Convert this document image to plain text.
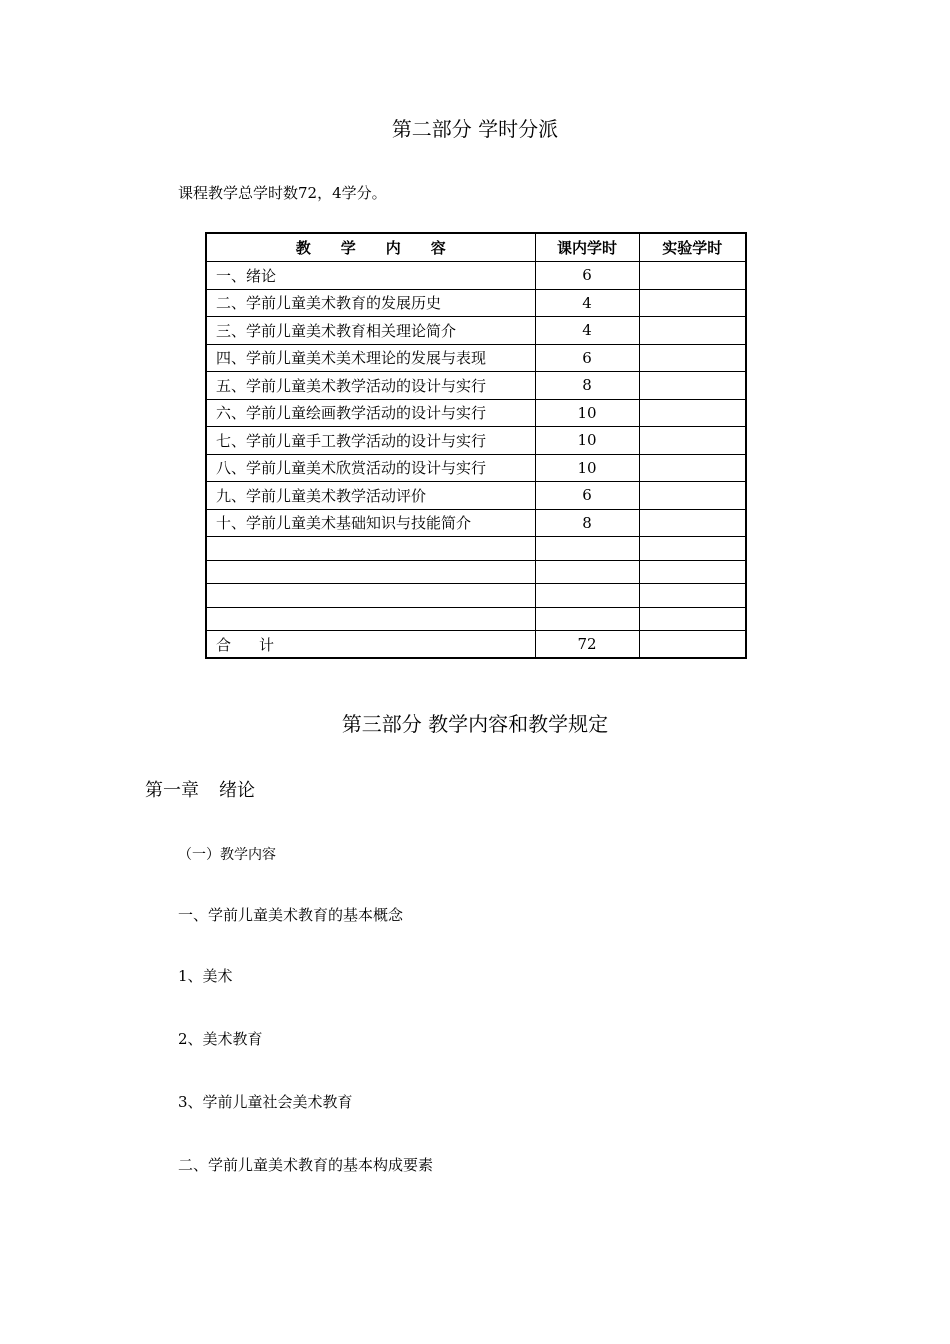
第二部分 学时分派
课程教学总学时数72，4学分。
教 学 内 容	课内学时	实验学时
一、绪论	6	
二、学前儿童美术教育的发展历史	4	
三、学前儿童美术教育相关理论简介	4	
四、学前儿童美术美术理论的发展与表现	6	
五、学前儿童美术教学活动的设计与实行	8	
六、学前儿童绘画教学活动的设计与实行	10	
七、学前儿童手工教学活动的设计与实行	10	
八、学前儿童美术欣赏活动的设计与实行	10	
九、学前儿童美术教学活动评价	6	
十、学前儿童美术基础知识与技能简介	8	

合 计	72	
第三部分 教学内容和教学规定
第一章 绪论
（一）教学内容
一、学前儿童美术教育的基本概念
1、美术
2、美术教育
3、学前儿童社会美术教育
二、学前儿童美术教育的基本构成要素
